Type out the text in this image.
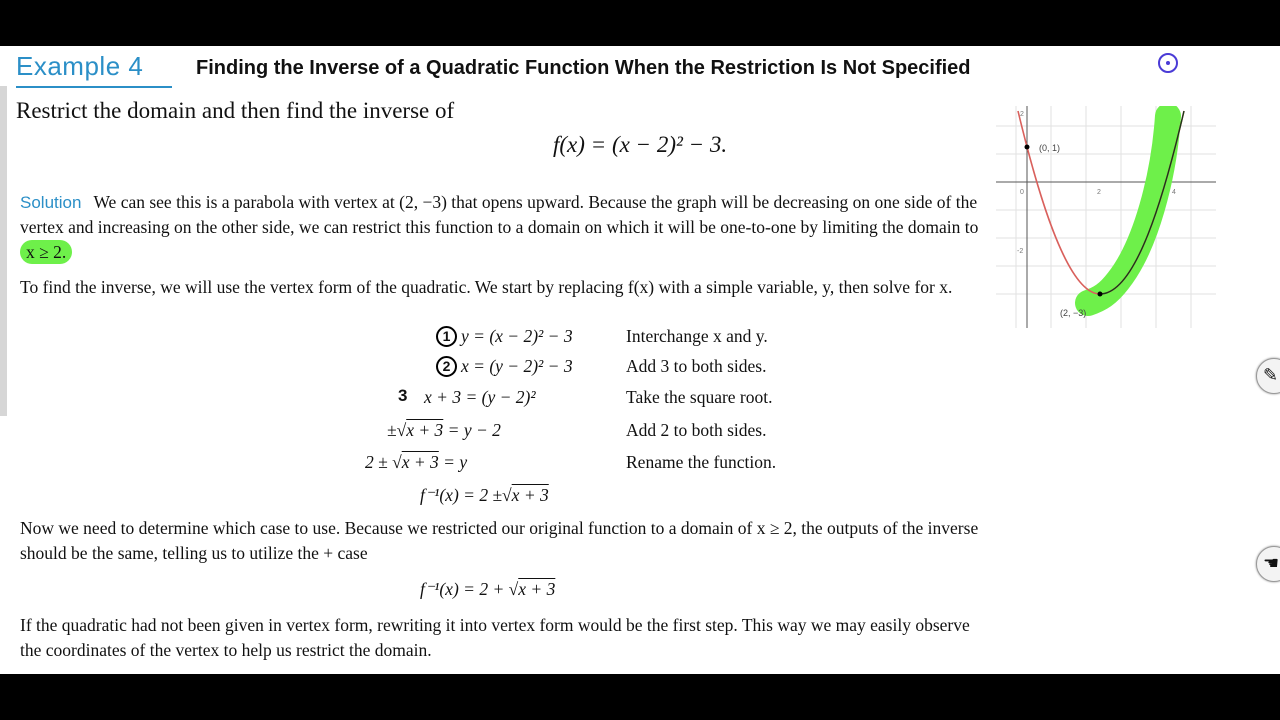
Example 4	Finding the Inverse of a Quadratic Function When the Restriction Is Not Specified
Restrict the domain and then find the inverse of
f(x) = (x − 2)² − 3.
Solution We can see this is a parabola with vertex at (2, −3) that opens upward. Because the graph will be decreasing on one side of the vertex and increasing on the other side, we can restrict this function to a domain on which it will be one-to-one by limiting the domain to x ≥ 2.
To find the inverse, we will use the vertex form of the quadratic. We start by replacing f(x) with a simple variable, y, then solve for x.
1 y = (x − 2)² − 3	Interchange x and y.
2 x = (y − 2)² − 3	Add 3 to both sides.
3 x + 3 = (y − 2)²	Take the square root.
±√x + 3 = y − 2	Add 2 to both sides.
2 ± √x + 3 = y	Rename the function.
f⁻¹(x) = 2 ±√x + 3
Now we need to determine which case to use. Because we restricted our original function to a domain of x ≥ 2, the outputs of the inverse should be the same, telling us to utilize the + case
f⁻¹(x) = 2 + √x + 3
If the quadratic had not been given in vertex form, rewriting it into vertex form would be the first step. This way we may easily observe the coordinates of the vertex to help us restrict the domain.
(0, 1)
(2, −3)
0	2	4
2
-2
✎
☚
